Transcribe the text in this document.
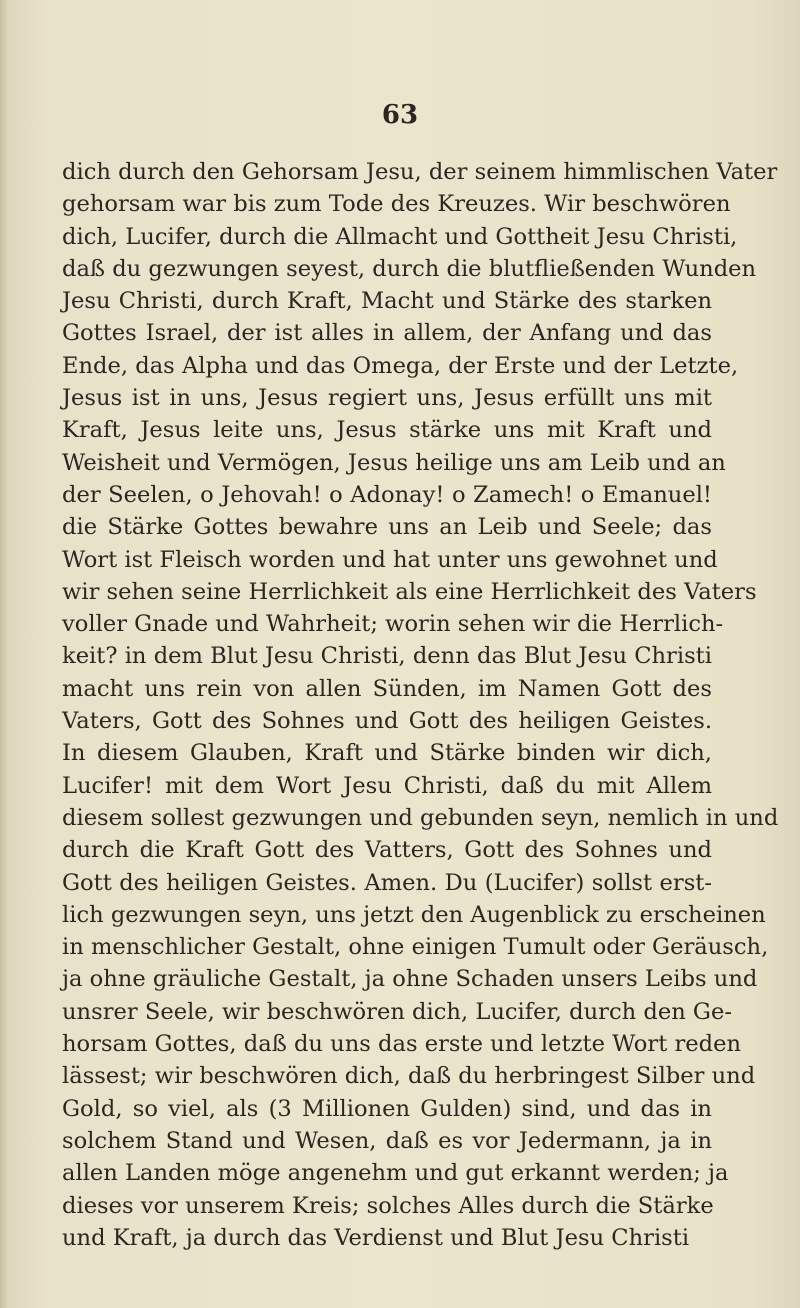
63
dich durch den Gehorsam Jesu, der seinem himmlischen Vater
gehorsam war bis zum Tode des Kreuzes. Wir beschwören
dich, Lucifer, durch die Allmacht und Gottheit Jesu Christi,
daß du gezwungen seyest, durch die blutfließenden Wunden
Jesu Christi, durch Kraft, Macht und Stärke des starken
Gottes Israel, der ist alles in allem, der Anfang und das
Ende, das Alpha und das Omega, der Erste und der Letzte,
Jesus ist in uns, Jesus regiert uns, Jesus erfüllt uns mit
Kraft, Jesus leite uns, Jesus stärke uns mit Kraft und
Weisheit und Vermögen, Jesus heilige uns am Leib und an
der Seelen, o Jehovah! o Adonay! o Zamech! o Emanuel!
die Stärke Gottes bewahre uns an Leib und Seele; das
Wort ist Fleisch worden und hat unter uns gewohnet und
wir sehen seine Herrlichkeit als eine Herrlichkeit des Vaters
voller Gnade und Wahrheit; worin sehen wir die Herrlich-
keit? in dem Blut Jesu Christi, denn das Blut Jesu Christi
macht uns rein von allen Sünden, im Namen Gott des
Vaters, Gott des Sohnes und Gott des heiligen Geistes.
In diesem Glauben, Kraft und Stärke binden wir dich,
Lucifer! mit dem Wort Jesu Christi, daß du mit Allem
diesem sollest gezwungen und gebunden seyn, nemlich in und
durch die Kraft Gott des Vatters, Gott des Sohnes und
Gott des heiligen Geistes. Amen. Du (Lucifer) sollst erst-
lich gezwungen seyn, uns jetzt den Augenblick zu erscheinen
in menschlicher Gestalt, ohne einigen Tumult oder Geräusch,
ja ohne gräuliche Gestalt, ja ohne Schaden unsers Leibs und
unsrer Seele, wir beschwören dich, Lucifer, durch den Ge-
horsam Gottes, daß du uns das erste und letzte Wort reden
lässest; wir beschwören dich, daß du herbringest Silber und
Gold, so viel, als (3 Millionen Gulden) sind, und das in
solchem Stand und Wesen, daß es vor Jedermann, ja in
allen Landen möge angenehm und gut erkannt werden; ja
dieses vor unserem Kreis; solches Alles durch die Stärke
und Kraft, ja durch das Verdienst und Blut Jesu Christi
